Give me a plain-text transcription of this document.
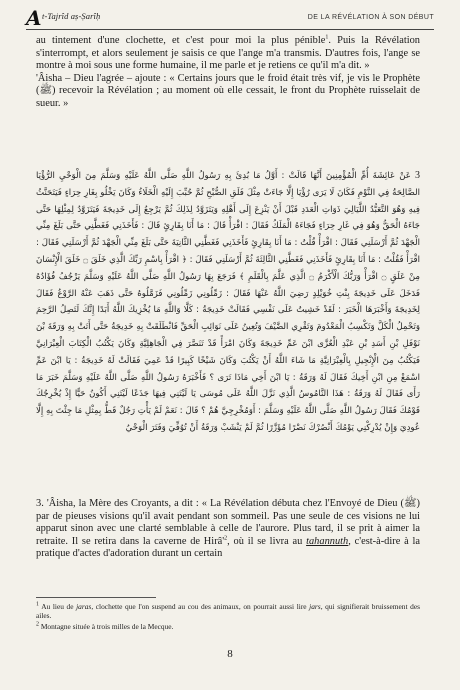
A t-Tajrîd aṣ-Ṣarîḥ	DE LA RÉVÉLATION À SON DÉBUT

au tintement d'une clochette, et c'est pour moi la plus pénible$^1$. Puis la Révélation s'interrompt, et alors seulement je saisis ce que l'ange m'a transmis. D'autres fois, l'ange se montre à moi sous une forme humaine, il me parle et je retiens ce qu'il m'a dit. »

'Âisha – Dieu l'agrée – ajoute : « Certains jours que le froid était très vif, je vis le Prophète (ﷺ) recevoir la Révélation ; au moment où elle cessait, le front du Prophète ruisselait de sueur. »

3 عَنْ عَائِشَةَ أُمِّ الْمُؤْمِنِينَ أَنَّهَا قَالَتْ : أَوَّلُ مَا بُدِئَ بِهِ رَسُولُ اللَّهِ صَلَّى اللَّهُ عَلَيْهِ وَسَلَّمَ مِنَ الْوَحْيِ الرُّؤْيَا الصَّالِحَةُ فِي النَّوْمِ فَكَانَ لَا يَرَى رُؤْيَا إِلَّا جَاءَتْ مِثْلَ فَلَقِ الصُّبْحِ ثُمَّ حُبِّبَ إِلَيْهِ الْخَلَاءُ وَكَانَ يَخْلُو بِغَارِ حِرَاءٍ فَيَتَحَنَّثُ فِيهِ وَهُوَ التَّعَبُّدُ اللَّيَالِيَ ذَوَاتِ الْعَدَدِ قَبْلَ أَنْ يَنْزِعَ إِلَى أَهْلِهِ وَيَتَزَوَّدُ لِذَلِكَ ثُمَّ يَرْجِعُ إِلَى خَدِيجَةَ فَيَتَزَوَّدُ لِمِثْلِهَا حَتَّى جَاءَهُ الْحَقُّ وَهُوَ فِي غَارِ حِرَاءٍ فَجَاءَهُ الْمَلَكُ فَقَالَ : اقْرَأْ قَالَ : مَا أَنَا بِقَارِئٍ قَالَ : فَأَخَذَنِي فَغَطَّنِي حَتَّى بَلَغَ مِنِّي الْجَهْدَ ثُمَّ أَرْسَلَنِي فَقَالَ : اقْرَأْ قُلْتُ : مَا أَنَا بِقَارِئٍ فَأَخَذَنِي فَغَطَّنِي الثَّانِيَةَ حَتَّى بَلَغَ مِنِّي الْجَهْدَ ثُمَّ أَرْسَلَنِي فَقَالَ : اقْرَأْ فَقُلْتُ : مَا أَنَا بِقَارِئٍ فَأَخَذَنِي فَغَطَّنِي الثَّالِثَةَ ثُمَّ أَرْسَلَنِي فَقَالَ : ﴿ اقْرَأْ بِاسْمِ رَبِّكَ الَّذِي خَلَقَ ۝ خَلَقَ الْإِنْسَانَ مِنْ عَلَقٍ ۝ اقْرَأْ وَرَبُّكَ الْأَكْرَمُ ۝ الَّذِي عَلَّمَ بِالْقَلَمِ ﴾ فَرَجَعَ بِهَا رَسُولُ اللَّهِ صَلَّى اللَّهُ عَلَيْهِ وَسَلَّمَ يَرْجُفُ فُؤَادُهُ فَدَخَلَ عَلَى خَدِيجَةَ بِنْتِ خُوَيْلِدٍ رَضِيَ اللَّهُ عَنْهَا فَقَالَ : زَمِّلُونِي زَمِّلُونِي فَزَمَّلُوهُ حَتَّى ذَهَبَ عَنْهُ الرَّوْعُ فَقَالَ لِخَدِيجَةَ وَأَخْبَرَهَا الْخَبَرَ : لَقَدْ خَشِيتُ عَلَى نَفْسِي فَقَالَتْ خَدِيجَةُ : كَلَّا وَاللَّهِ مَا يُخْزِيكَ اللَّهُ أَبَدًا إِنَّكَ لَتَصِلُ الرَّحِمَ وَتَحْمِلُ الْكَلَّ وَتَكْسِبُ الْمَعْدُومَ وَتَقْرِي الضَّيْفَ وَتُعِينُ عَلَى نَوَائِبِ الْحَقِّ فَانْطَلَقَتْ بِهِ خَدِيجَةُ حَتَّى أَتَتْ بِهِ وَرَقَةَ بْنَ نَوْفَلِ بْنِ أَسَدِ بْنِ عَبْدِ الْعُزَّى ابْنَ عَمِّ خَدِيجَةَ وَكَانَ امْرَأً قَدْ تَنَصَّرَ فِي الْجَاهِلِيَّةِ وَكَانَ يَكْتُبُ الْكِتَابَ الْعِبْرَانِيَّ فَيَكْتُبُ مِنَ الْإِنْجِيلِ بِالْعِبْرَانِيَّةِ مَا شَاءَ اللَّهُ أَنْ يَكْتُبَ وَكَانَ شَيْخًا كَبِيرًا قَدْ عَمِيَ فَقَالَتْ لَهُ خَدِيجَةُ : يَا ابْنَ عَمِّ اسْمَعْ مِنِ ابْنِ أَخِيكَ فَقَالَ لَهُ وَرَقَةُ : يَا ابْنَ أَخِي مَاذَا تَرَى ؟ فَأَخْبَرَهُ رَسُولُ اللَّهِ صَلَّى اللَّهُ عَلَيْهِ وَسَلَّمَ خَبَرَ مَا رَأَى فَقَالَ لَهُ وَرَقَةُ : هَذَا النَّامُوسُ الَّذِي نَزَّلَ اللَّهُ عَلَى مُوسَى يَا لَيْتَنِي فِيهَا جَذَعًا لَيْتَنِي أَكُونُ حَيًّا إِذْ يُخْرِجُكَ قَوْمُكَ فَقَالَ رَسُولُ اللَّهِ صَلَّى اللَّهُ عَلَيْهِ وَسَلَّمَ : أَوَمُخْرِجِيَّ هُمْ ؟ قَالَ : نَعَمْ لَمْ يَأْتِ رَجُلٌ قَطُّ بِمِثْلِ مَا جِئْتَ بِهِ إِلَّا عُودِيَ وَإِنْ يُدْرِكْنِي يَوْمُكَ أَنْصُرْكَ نَصْرًا مُؤَزَّرًا ثُمَّ لَمْ يَنْشَبْ وَرَقَةُ أَنْ تُوُفِّيَ وَفَتَرَ الْوَحْيُ

3. 'Âisha, la Mère des Croyants, a dit : « La Révélation débuta chez l'Envoyé de Dieu (ﷺ) par de pieuses visions qu'il avait pendant son sommeil. Pas une seule de ces visions ne lui apparut sinon avec une clarté semblable à celle de l'aurore. Plus tard, il se prit à aimer la retraite. Il se retira dans la caverne de $Hirâ'^2$, où il se livra au tahannuth, c'est-à-dire à la pratique d'actes d'adoration durant un certain

$^1$ Au lieu de jaras, clochette que l'on suspend au cou des animaux, on pourrait aussi lire jars, qui signifierait bruissement des ailes.

$^2$ Montagne située à trois milles de la Mecque.

8
